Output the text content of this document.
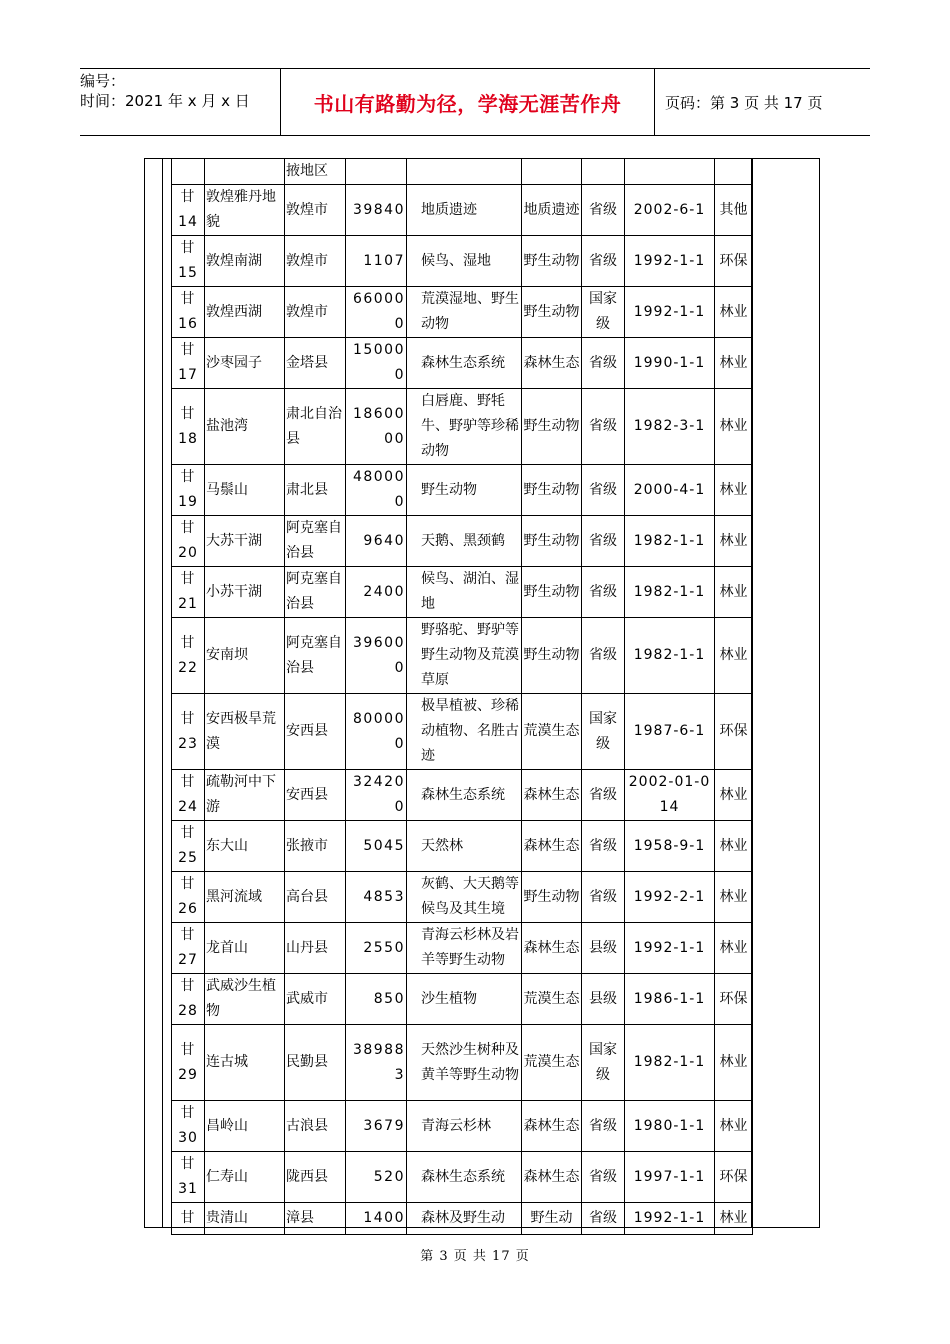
编号：
时间：2021 年 x 月 x 日	书山有路勤为径，学海无涯苦作舟	页码：第 3 页 共 17 页
		掖地区						
甘14	敦煌雅丹地貌	敦煌市	39840	地质遗迹	地质遗迹	省级	2002-6-1	其他
甘15	敦煌南湖	敦煌市	1107	候鸟、湿地	野生动物	省级	1992-1-1	环保
甘16	敦煌西湖	敦煌市	660000	荒漠湿地、野生动物	野生动物	国家级	1992-1-1	林业
甘17	沙枣园子	金塔县	150000	森林生态系统	森林生态	省级	1990-1-1	林业
甘18	盐池湾	肃北自治县	1860000	白唇鹿、野牦牛、野驴等珍稀动物	野生动物	省级	1982-3-1	林业
甘19	马鬃山	肃北县	480000	野生动物	野生动物	省级	2000-4-1	林业
甘20	大苏干湖	阿克塞自治县	9640	天鹅、黑颈鹤	野生动物	省级	1982-1-1	林业
甘21	小苏干湖	阿克塞自治县	2400	候鸟、湖泊、湿地	野生动物	省级	1982-1-1	林业
甘22	安南坝	阿克塞自治县	396000	野骆驼、野驴等野生动物及荒漠草原	野生动物	省级	1982-1-1	林业
甘23	安西极旱荒漠	安西县	800000	极旱植被、珍稀动植物、名胜古迹	荒漠生态	国家级	1987-6-1	环保
甘24	疏勒河中下游	安西县	324200	森林生态系统	森林生态	省级	2002-01-014	林业
甘25	东大山	张掖市	5045	天然林	森林生态	省级	1958-9-1	林业
甘26	黑河流域	高台县	4853	灰鹤、大天鹅等候鸟及其生境	野生动物	省级	1992-2-1	林业
甘27	龙首山	山丹县	2550	青海云杉林及岩羊等野生动物	森林生态	县级	1992-1-1	林业
甘28	武威沙生植物	武威市	850	沙生植物	荒漠生态	县级	1986-1-1	环保
甘29	连古城	民勤县	389883	天然沙生树种及黄羊等野生动物	荒漠生态	国家级	1982-1-1	林业
甘30	昌岭山	古浪县	3679	青海云杉林	森林生态	省级	1980-1-1	林业
甘31	仁寿山	陇西县	520	森林生态系统	森林生态	省级	1997-1-1	环保
甘	贵清山	漳县	1400	森林及野生动	野生动	省级	1992-1-1	林业
第 3 页 共 17 页
